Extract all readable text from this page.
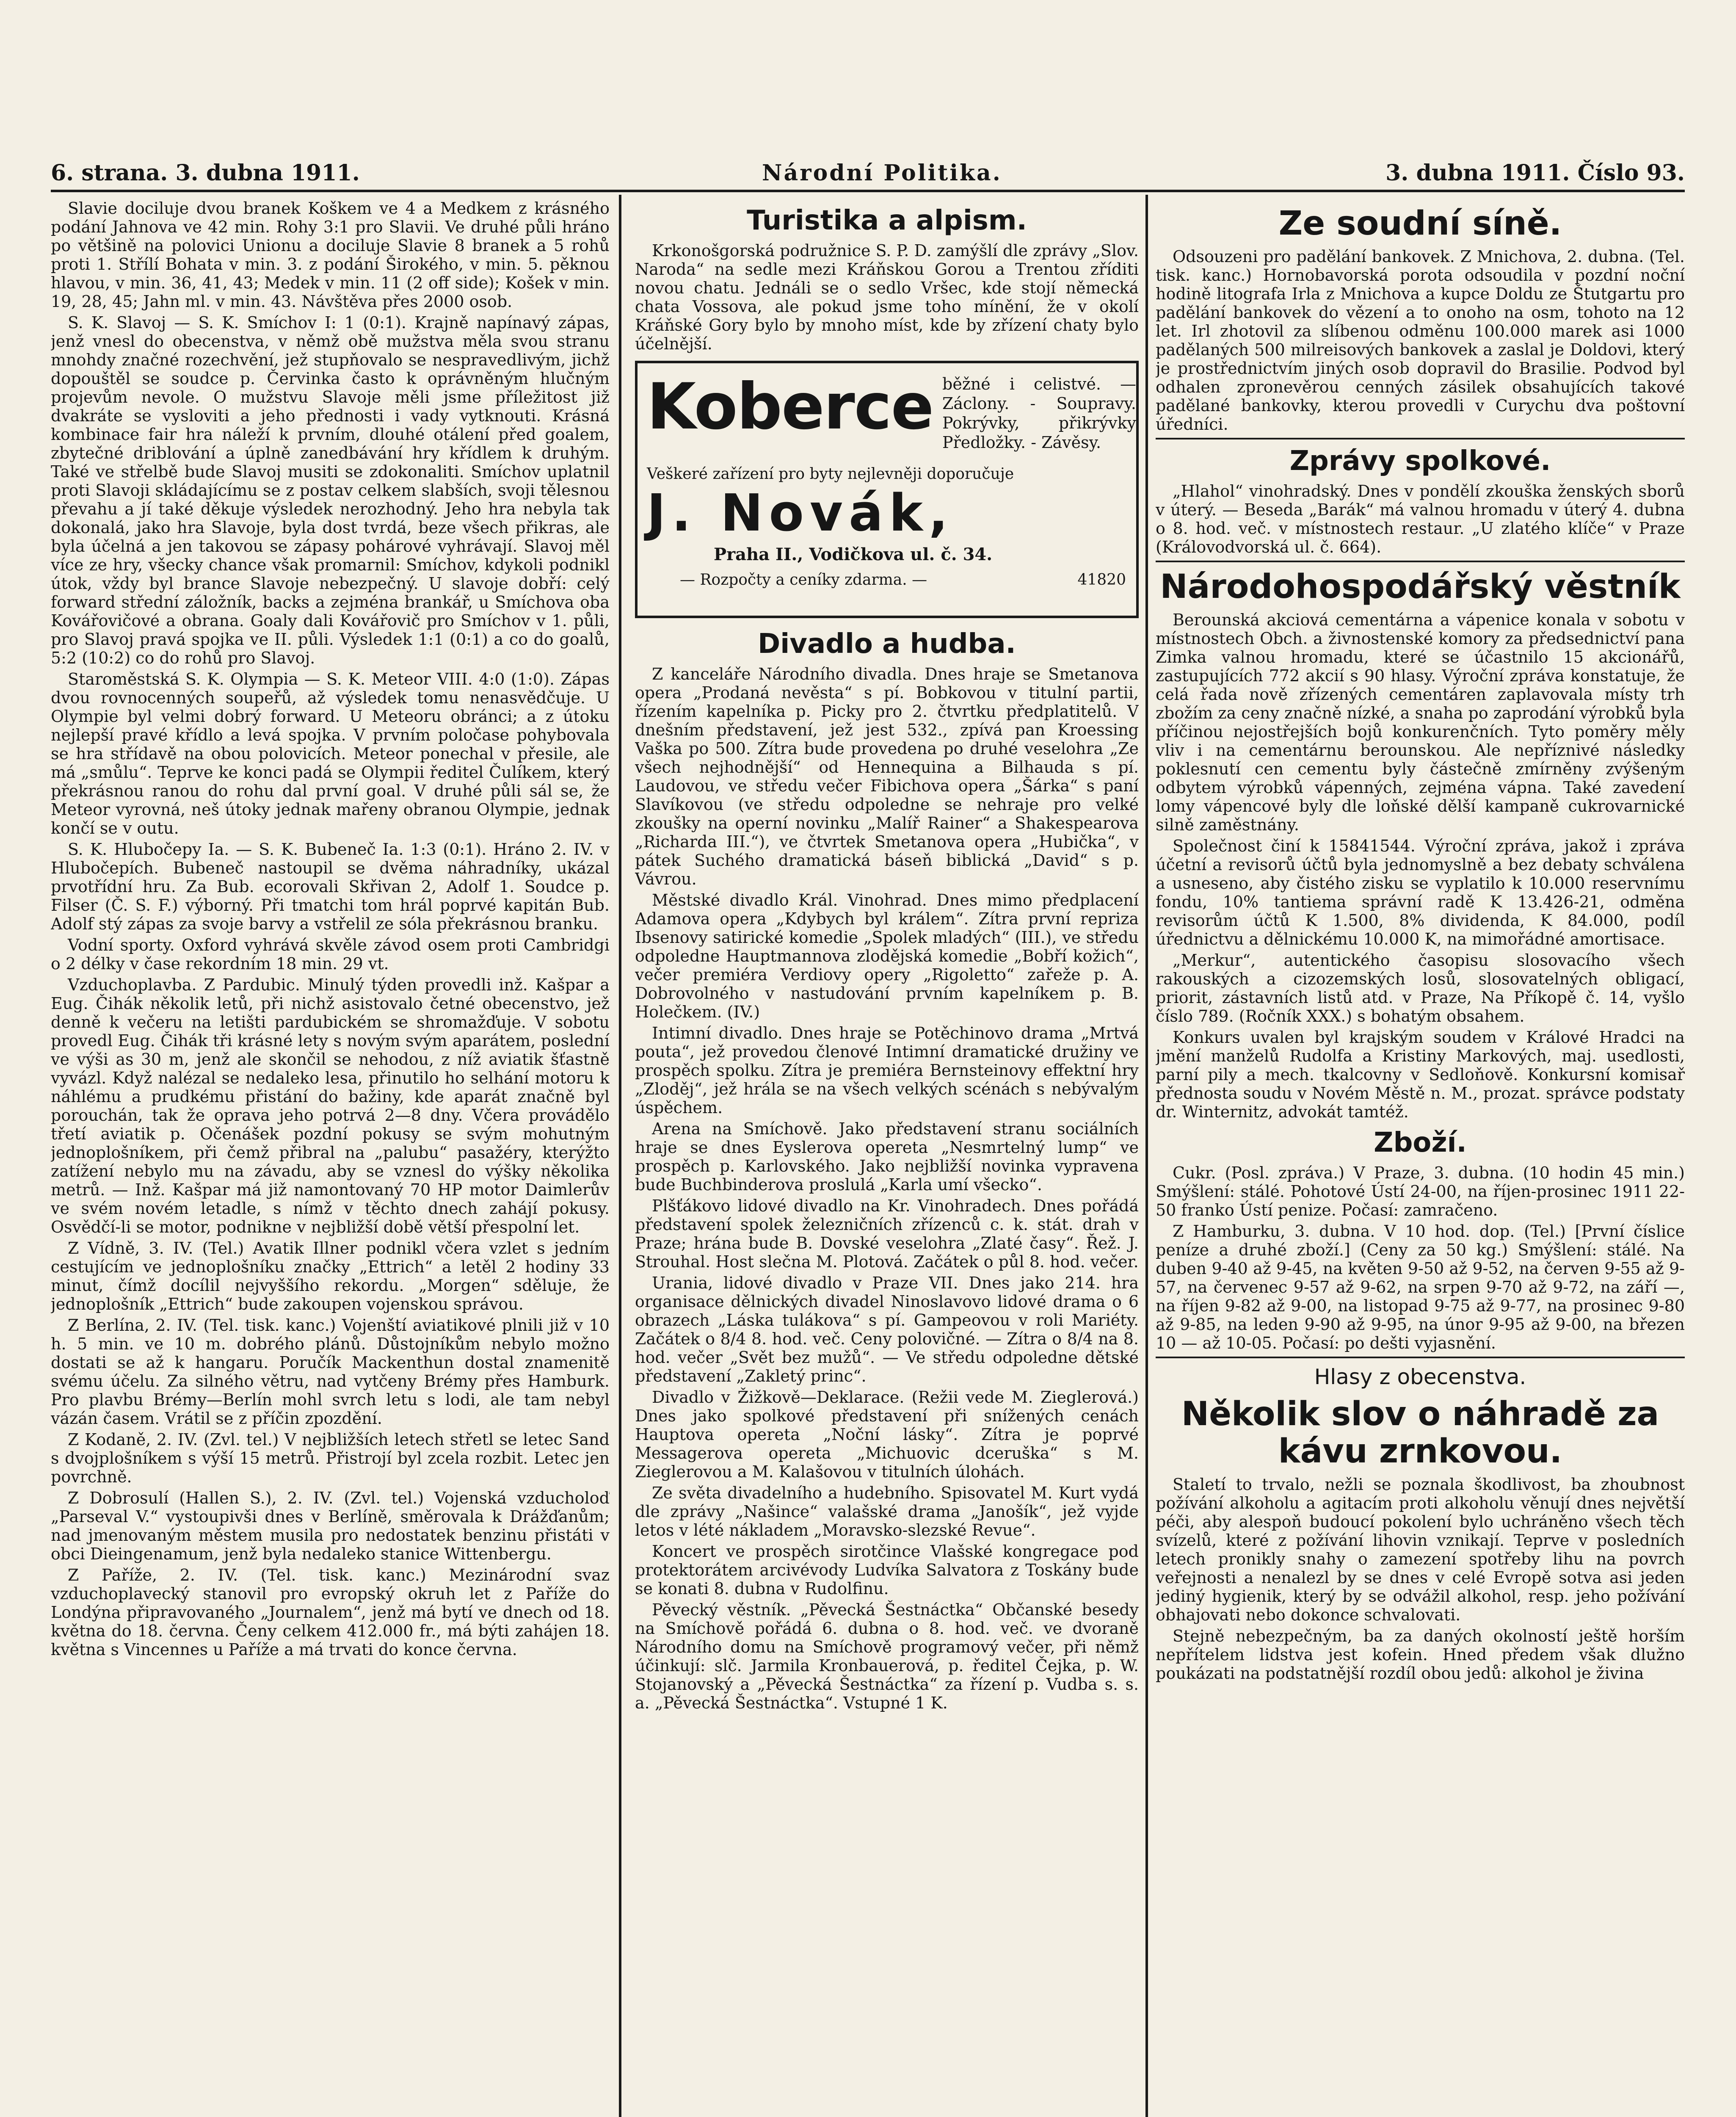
6. strana. 3. dubna 1911.	Národní Politika.	3. dubna 1911. Číslo 93.

Slavie docilujе dvou branek Koškem ve 4 a Medkem z krásného podání Jahnova ve 42 min. Rohy 3:1 pro Slavii. Ve druhé půli hráno po většině na polovici Unionu a dociluje Slavie 8 branek a 5 rohů proti 1. Střílí Bohata v min. 3. z podání Širokého, v min. 5. pěknou hlavou, v min. 36, 41, 43; Medek v min. 11 (2 off side); Košek v min. 19, 28, 45; Jahn ml. v min. 43. Návštěva přes 2000 osob.

S. K. Slavoj — S. K. Smíchov I: 1 (0:1). Krajně napínavý zápas, jenž vnesl do obecenstva, v němž obě mužstva měla svou stranu mnohdy značné rozechvění, jež stupňovalo se nespravedlivým, jichž dopouštěl se soudce p. Červinka často k oprávněným hlučným projevům nevole. O mužstvu Slavoje měli jsme příležitost již dvakráte se vysloviti a jeho přednosti i vady vytknouti. Krásná kombinace fair hra náleží k prvním, dlouhé otálení před goalem, zbytečné driblování a úplně zanedbávání hry křídlem k druhým. Také ve střelbě bude Slavoj musiti se zdokonaliti. Smíchov uplatnil proti Slavoji skládajícímu se z postav celkem slabších, svoji tělesnou převahu a jí také děkuje výsledek nerozhodný. Jeho hra nebyla tak dokonalá, jako hra Slavoje, byla dost tvrdá, bezе všech přikras, ale byla účelná a jen takovou se zápasy pohárové vyhrávají. Slavoj měl více ze hry, všecky chance však promarnil: Smíchov, kdykoli podnikl útok, vždy byl brance Slavoje nebezpečný. U slavoje dobří: celý forward střední záložník, backs a zejména brankář, u Smíchova oba Kovářovičové a obrana. Goaly dali Kovářovič pro Smíchov v 1. půli, pro Slavoj pravá spojka ve II. půli. Výsledek 1:1 (0:1) a co do goalů, 5:2 (10:2) co do rohů pro Slavoj.

Staroměstská S. K. Olympia — S. K. Meteor VIII. 4:0 (1:0). Zápas dvou rovnocenných soupeřů, až výsledek tomu nenasvědčuje. U Olympie byl velmi dobrý forward. U Meteoru obránci; a z útoku nejlepší pravé křídlo a levá spojka. V prvním poločase pohybovala se hra střídavě na obou polovicích. Meteor ponechal v přesile, ale má „smůlu“. Teprve ke konci padá se Olympii ředitel Čulíkem, který překrásnou ranou do rohu dal první goal. V druhé půli sál se, že Meteor vyrovná, neš útoky jednak mařeny obranou Olympie, jednak končí se v outu.

S. K. Hlubočepy Ia. — S. K. Bubeneč Ia. 1:3 (0:1). Hráno 2. IV. v Hlubočepích. Bubeneč nastoupil se dvěma náhradníky, ukázal prvotřídní hru. Za Bub. ecorovali Skřivan 2, Adolf 1. Soudce p. Filser (Č. S. F.) výborný. Při tmatchi tom hrál poprvé kapitán Bub. Adolf stý zápas za svoje barvy a vstřelil ze sóla překrásnou branku.

Vodní sporty. Oxford vyhrává skvěle závod osem proti Cambridgi o 2 délky v čase rekordním 18 min. 29 vt.

Vzduchoplavba. Z Pardubic. Minulý týden provedli inž. Kašpar a Eug. Čihák několik letů, při nichž asistovalo četné obecenstvo, jež denně k večeru na letišti pardubickém se shromažďuje. V sobotu provedl Eug. Čihák tři krásné lety s novým svým aparátem, poslední ve výši as 30 m, jenž ale skončil se nehodou, z níž aviatik šťastně vyvázl. Když nalézal se nedaleko lesa, přinutilo ho selhání motoru k náhlému a prudkému přistání do bažiny, kde aparát značně byl porouchán, tak že oprava jeho potrvá 2—8 dny. Včera provádělo třetí aviatik p. Očenášek pozdní pokusy se svým mohutným jednoplošníkem, při čemž přibral na „palubu“ pasažéry, kterýžto zatížení nebylo mu na závadu, aby se vznesl do výšky několika metrů. — Inž. Kašpar má již namontovaný 70 HP motor Daimlerův ve svém novém letadle, s nímž v těchto dnech zahájí pokusy. Osvědčí-li se motor, podnikne v nejbližší době větší přespolní let.

Z Vídně, 3. IV. (Tel.) Avatik Illner podnikl včera vzlet s jedním cestujícím ve jednoplošníku značky „Ettrich“ a letěl 2 hodiny 33 minut, čímž docílil nejvyššího rekordu. „Morgen“ sděluje, že jednoplošník „Ettrich“ bude zakoupen vojenskou správou.

Z Berlína, 2. IV. (Tel. tisk. kanc.) Vojenští aviatikové plnili již v 10 h. 5 min. ve 10 m. dobrého plánů. Důstojníkům nebylo možno dostati se až k hangaru. Poručík Mackenthun dostal znamenitě svému účelu. Za silného větru, nad vytčeny Brémy přes Hamburk. Pro plavbu Brémy—Berlín mohl svrch letu s lodi, ale tam nebyl vázán časem. Vrátil se z příčin zpozdění.

Z Kodaně, 2. IV. (Zvl. tel.) V nejbližších letech střetl se letec Sand s dvojplošníkem s výší 15 metrů. Přistrojí byl zcela rozbit. Letec jen povrchně.

Z Dobrosulí (Hallen S.), 2. IV. (Zvl. tel.) Vojenská vzducholoď „Parseval V.“ vystoupivši dnes v Berlíně, směrovala k Drážďanům; nad jmenovaným městem musila pro nedostatek benzinu přistáti v obci Dieingenamum, jenž byla nedaleko stanice Wittenbergu.

Z Paříže, 2. IV. (Tel. tisk. kanc.) Mezinárodní svaz vzduchoplavecký stanovil pro evropský okruh let z Paříže do Londýna připravovaného „Journalem“, jenž má bytí ve dnech od 18. května do 18. června. Čeny celkem 412.000 fr., má býti zahájen 18. května s Vincennes u Paříže a má trvati do konce června.

Turistika a alpism.

Krkonošgorská podružnice S. P. D. zamýšlí dle zprávy „Slov. Naroda“ na sedle mezi Kráňskou Gorou a Trentou zříditi novou chatu. Jednáli se o sedlo Vršec, kde stojí německá chata Vossova, ale pokud jsme toho mínění, že v okolí Kráňské Gory bylo by mnoho míst, kde by zřízení chaty bylo účelnější.

Koberce běžné i celistvé. — Záclony. - Soupravy. Pokrývky, přikrývky Předložky. - Závěsy.
Veškeré zařízení pro byty nejlevněji doporučuje
J. Novák,
Praha II., Vodičkova ul. č. 34.
— Rozpočty a ceníky zdarma. —	41820
Divadlo a hudba.

Z kanceláře Národního divadla. Dnes hraje se Smetanova opera „Prodaná nevěsta“ s pí. Bobkovou v titulní partii, řízením kapelníka p. Picky pro 2. čtvrtku předplatitelů. V dnešním představení, jež jest 532., zpívá pan Kroessing Vaška po 500. Zítra bude provedena po druhé veselohra „Ze všech nejhodnější“ od Hennequina a Bilhauda s pí. Laudovou, ve středu večer Fibichova opera „Šárka“ s paní Slavíkovou (ve středu odpoledne se nehraje pro velké zkoušky na operní novinku „Malíř Rainer“ a Shakespearova „Richarda III.“), ve čtvrtek Smetanova opera „Hubička“, v pátek Suchého dramatická báseň biblická „David“ s p. Vávrou.

Městské divadlo Král. Vinohrad. Dnes mimo předplacení Adamova opera „Kdybych byl králem“. Zítra první repriza Ibsenovy satirické komedie „Spolek mladých“ (III.), ve středu odpoledne Hauptmannova zlodějská komedie „Bobří kožich“, večer premiéra Verdiovy opery „Rigoletto“ zařeže p. A. Dobrovolného v nastudování prvním kapelníkem p. B. Holečkem. (IV.)

Intimní divadlo. Dnes hraje se Potěchinovo drama „Mrtvá pouta“, jež provedou členové Intimní dramatické družiny ve prospěch spolku. Zítra je premiéra Bernsteinovy effektní hry „Zloděj“, jež hrála se na všech velkých scénách s nebývalým úspěchem.

Arena na Smíchově. Jako představení stranu sociálních hraje se dnes Eyslerova opereta „Nesmrtelný lump“ ve prospěch p. Karlovského. Jako nejbližší novinka vypravena bude Buchbinderova proslulá „Karla umí všecko“.

Plšťákovo lidové divadlo na Kr. Vinohradech. Dnes pořádá představení spolek železničních zřízenců c. k. stát. drah v Praze; hrána bude B. Dovské veselohra „Zlaté časy“. Řež. J. Strouhal. Host slečna M. Plotová. Začátek o půl 8. hod. večer.

Urania, lidové divadlo v Praze VII. Dnes jako 214. hra organisace dělnických divadel Ninoslavovo lidové drama o 6 obrazech „Láska tulákova“ s pí. Gampeovou v roli Mariéty. Začátek o 8/4 8. hod. več. Ceny polovičné. — Zítra o 8/4 na 8. hod. večer „Svět bez mužů“. — Ve středu odpoledne dětské představení „Zakletý princ“.

Divadlo v Žižkově—Deklarace. (Režii vede M. Zieglerová.) Dnes jako spolkové představení při snížených cenách Hauptova opereta „Noční lásky“. Zítra je poprvé Messagerova opereta „Michuovic dceruška“ s M. Zieglerovou a M. Kalašovou v titulních úlohách.

Ze světa divadelního a hudebního. Spisovatel M. Kurt vydá dle zprávy „Našince“ valašské drama „Janošík“, jež vyjde letos v lété nákladem „Moravsko-slezské Revue“.

Koncert ve prospěch sirotčince Vlašské kongregace pod protektorátem arcivévody Ludvíka Salvatora z Toskány bude se konati 8. dubna v Rudolfinu.

Pěvecký věstník. „Pěvecká Šestnáctka“ Občanské besedy na Smíchově pořádá 6. dubna o 8. hod. več. ve dvoraně Národního domu na Smíchově programový večer, při němž účinkují: slč. Jarmila Kronbauerová, p. ředitel Čejka, p. W. Stojanovský a „Pěvecká Šestnáctka“ za řízení p. Vudba s. s. a. „Pěvecká Šestnáctka“. Vstupné 1 K.

Ze soudní síně.

Odsouzeni pro padělání bankovek. Z Mnichova, 2. dubna. (Tel. tisk. kanc.) Hornobavorská porota odsoudila v pozdní noční hodině litografa Irla z Mnichova a kupce Doldu ze Štutgartu pro padělání bankovek do vězení a to onoho na osm, tohoto na 12 let. Irl zhotovil za slíbenou odměnu 100.000 marek asi 1000 padělaných 500 milreisových bankovek a zaslal je Doldovi, který je prostřednictvím jiných osob dopravil do Brasilie. Podvod byl odhalen zpronevěrou cenných zásilek obsahujících takové padělané bankovky, kterou provedli v Curychu dva poštovní úředníci.

Zprávy spolkové.

„Hlahol“ vinohradský. Dnes v pondělí zkouška ženských sborů v úterý. — Beseda „Barák“ má valnou hromadu v úterý 4. dubna o 8. hod. več. v místnostech restaur. „U zlatého klíče“ v Praze (Královodvorská ul. č. 664).

Národohospodářský věstník

Berounská akciová cementárna a vápenice konala v sobotu v místnostech Obch. a živnostenské komory za předsednictví pana Zimka valnou hromadu, které se účastnilo 15 akcionářů, zastupujících 772 akcií s 90 hlasy. Výroční zpráva konstatuje, že celá řada nově zřízených cementáren zaplavovala místy trh zbožím za ceny značně nízké, a snaha po zaprodání výrobků byla příčinou nejostřejších bojů konkurenčních. Tyto poměry měly vliv i na cementárnu berounskou. Ale nepříznivé následky poklesnutí cen cementu byly částečně zmírněny zvýšeným odbytem výrobků vápenných, zejména vápna. Také zavedení lomy vápencové byly dle loňské dělší kampaně cukrovarnické silně zaměstnány.

Společnost činí k 15841544. Výroční zpráva, jakož i zpráva účetní a revisorů účtů byla jednomyslně a bez debaty schválena a usneseno, aby čistého zisku se vyplatilo k 10.000 reservnímu fondu, 10% tantiema správní radě K 13.426-21, odměna revisorům účtů K 1.500, 8% dividenda, K 84.000, podíl úřednictvu a dělnickému 10.000 K, na mimořádné amortisace.

„Merkur“, autentického časopisu slosovacího všech rakouských a cizozemských losů, slosovatelných obligací, priorit, zástavních listů atd. v Praze, Na Příkopě č. 14, vyšlo číslo 789. (Ročník XXX.) s bohatým obsahem.

Konkurs uvalen byl krajským soudem v Králové Hradci na jmění manželů Rudolfa a Kristiny Markových, maj. usedlosti, parní pily a mech. tkalcovny v Sedloňově. Konkursní komisař přednosta soudu v Novém Městě n. M., prozat. správce podstaty dr. Winternitz, advokát tamtéž.

Zboží.

Cukr. (Posl. zpráva.) V Praze, 3. dubna. (10 hodin 45 min.) Smýšlení: stálé. Pohotové Ústí 24-00, na říjen-prosinec 1911 22-50 franko Ústí penize. Počasí: zamračeno.

Z Hamburku, 3. dubna. V 10 hod. dop. (Tel.) [První číslice peníze a druhé zboží.] (Ceny za 50 kg.) Smýšlení: stálé. Na duben 9-40 až 9-45, na květen 9-50 až 9-52, na červen 9-55 až 9-57, na červenec 9-57 až 9-62, na srpen 9-70 až 9-72, na září —, na říjen 9-82 až 9-00, na listopad 9-75 až 9-77, na prosinec 9-80 až 9-85, na leden 9-90 až 9-95, na únor 9-95 až 9-00, na březen 10 — až 10-05. Počasí: po dešti vyjasnění.

Hlasy z obecenstva.
Několik slov o náhradě za kávu zrnkovou.

Staletí to trvalo, nežli se poznala škodlivost, ba zhoubnost požívání alkoholu a agitacím proti alkoholu věnují dnes největší péči, aby alespoň budoucí pokolení bylo uchráněno všech těch svízelů, které z požívání lihovin vznikají. Teprve v posledních letech pronikly snahy o zamezení spotřeby lihu na povrch veřejnosti a nenalezl by se dnes v celé Evropě sotva asi jeden jediný hygienik, který by se odvážil alkohol, resp. jeho požívání obhajovati nebo dokonce schvalovati.

Stejně nebezpečným, ba za daných okolností ještě horším nepřítelem lidstva jest kofein. Hned předem však dlužno poukázati na podstatnější rozdíl obou jedů: alkohol je živina
